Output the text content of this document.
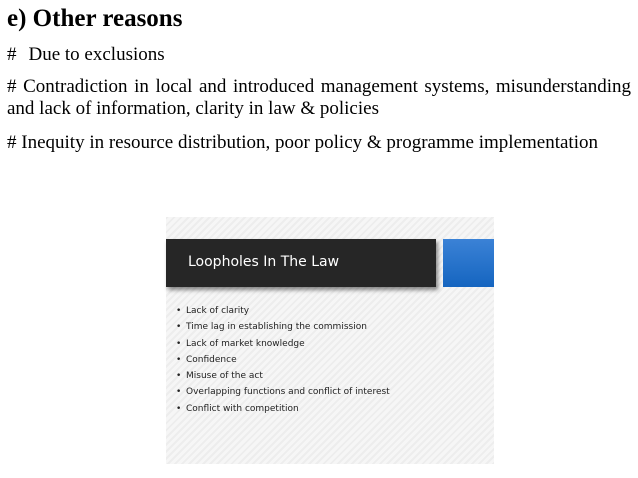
e) Other reasons

# Due to exclusions

# Contradiction in local and introduced management systems, misunderstanding and lack of information, clarity in law & policies

# Inequity in resource distribution, poor policy & programme implementation

Loopholes In The Law
• Lack of clarity
• Time lag in establishing the commission
• Lack of market knowledge
• Confidence
• Misuse of the act
• Overlapping functions and conflict of interest
• Conflict with competition
